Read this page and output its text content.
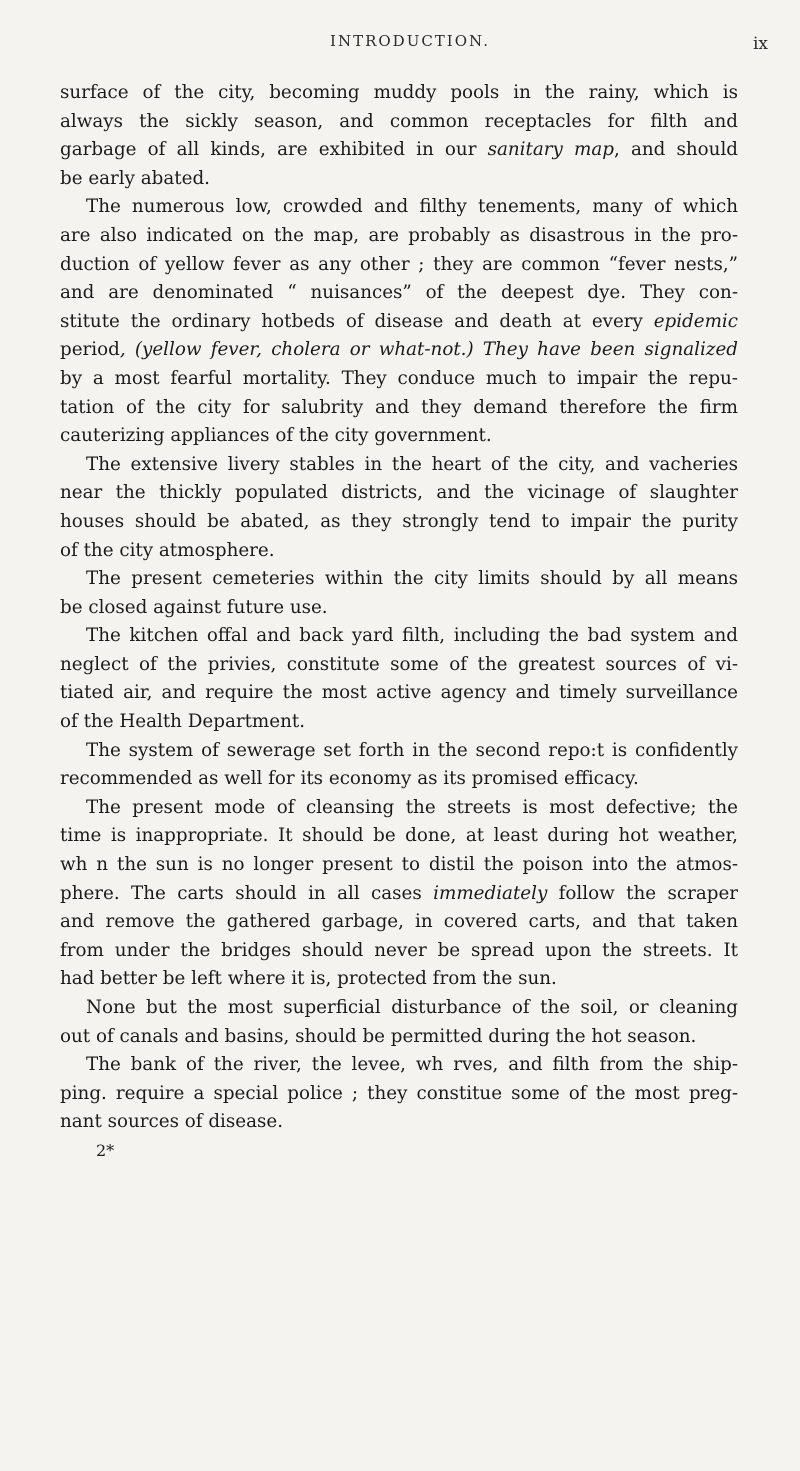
INTRODUCTION.	ix
surface of the city, becoming muddy pools in the rainy, which is
always the sickly season, and common receptacles for filth and
garbage of all kinds, are exhibited in our sanitary map, and should
be early abated.
The numerous low, crowded and filthy tenements, many of which
are also indicated on the map, are probably as disastrous in the pro-
duction of yellow fever as any other ; they are common “fever nests,”
and are denominated “ nuisances” of the deepest dye. They con-
stitute the ordinary hotbeds of disease and death at every epidemic
period, (yellow fever, cholera or what-not.) They have been signalized
by a most fearful mortality. They conduce much to impair the repu-
tation of the city for salubrity and they demand therefore the firm
cauterizing appliances of the city government.
The extensive livery stables in the heart of the city, and vacheries
near the thickly populated districts, and the vicinage of slaughter
houses should be abated, as they strongly tend to impair the purity
of the city atmosphere.
The present cemeteries within the city limits should by all means
be closed against future use.
The kitchen offal and back yard filth, including the bad system and
neglect of the privies, constitute some of the greatest sources of vi-
tiated air, and require the most active agency and timely surveillance
of the Health Department.
The system of sewerage set forth in the second repo:t is confidently
recommended as well for its economy as its promised efficacy.
The present mode of cleansing the streets is most defective; the
time is inappropriate. It should be done, at least during hot weather,
wh n the sun is no longer present to distil the poison into the atmos-
phere. The carts should in all cases immediately follow the scraper
and remove the gathered garbage, in covered carts, and that taken
from under the bridges should never be spread upon the streets. It
had better be left where it is, protected from the sun.
None but the most superficial disturbance of the soil, or cleaning
out of canals and basins, should be permitted during the hot season.
The bank of the river, the levee, wh rves, and filth from the ship-
ping. require a special police ; they constitue some of the most preg-
nant sources of disease.
2*
